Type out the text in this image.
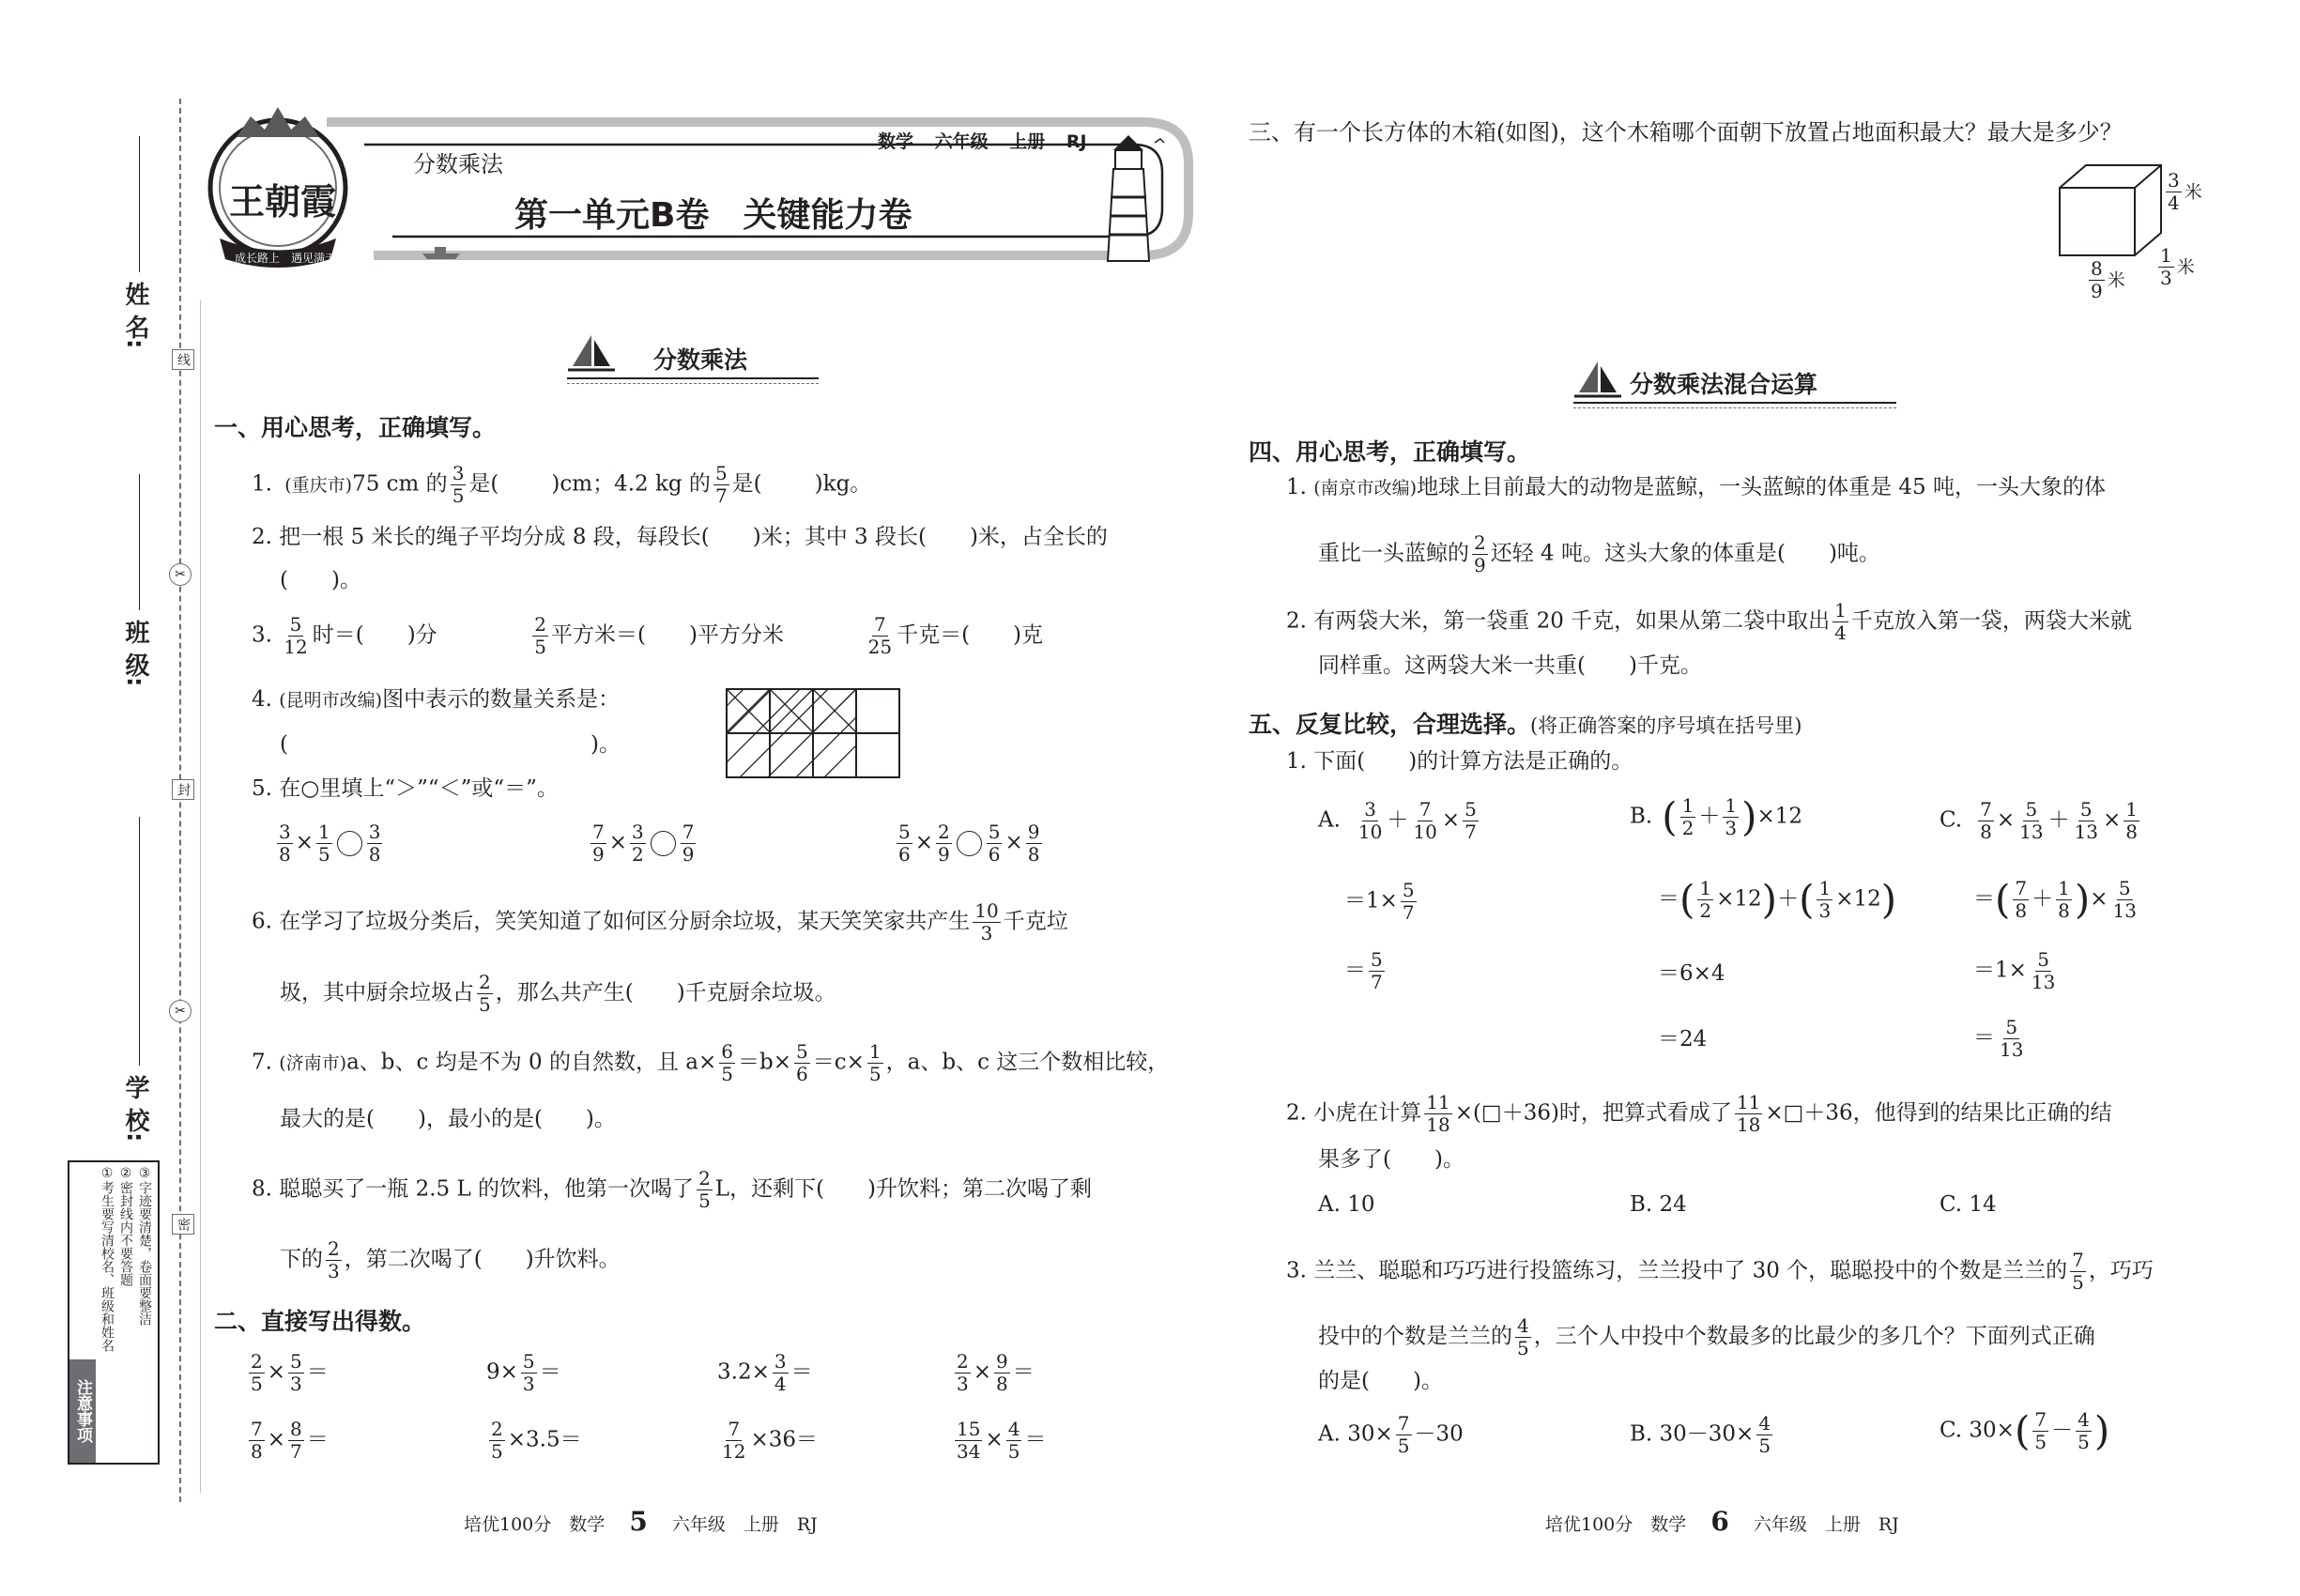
姓 名:
班 级:
学 校:
线
封
密
✂
✂
注意事项
①考生要写清校名、班级和姓名 ②密封线内不要答题 ③字迹要清楚，卷面要整洁
王朝霞
成长路上 遇见满天
分数乘法
数学 六年级 上册 RJ
第一单元B卷　关键能力卷
分数乘法
一、用心思考，正确填写。
1. (重庆市)75 cm 的 $\frac{3}{5}$ 是( )cm；4.2 kg 的 $\frac{5}{7}$ 是( )kg。
2. 把一根 5 米长的绳子平均分成 8 段，每段长(　　)米；其中 3 段长(　　)米，占全长的
(　　)。
3. $\frac{5}{12}$ 时＝(　　)分	$\frac{2}{5}$ 平方米＝(　　)平方分米	$\frac{7}{25}$ 千克＝(　　)克
4. (昆明市改编)图中表示的数量关系是：
(　　　　　　　　　　　　　　)。
5. 在○里填上“＞”“＜”或“＝”。
$\frac{3}{8} \times \frac{1}{5} \frac{3}{8}$	$\frac{7}{9} \times \frac{3}{2} \frac{7}{9}$	$\frac{5}{6} \times \frac{2}{9} \frac{5}{6} \times \frac{9}{8}$
6. 在学习了垃圾分类后，笑笑知道了如何区分厨余垃圾，某天笑笑家共产生 $\frac{10}{3}$ 千克垃
圾，其中厨余垃圾占 $\frac{2}{5}$ ，那么共产生(　　)千克厨余垃圾。
7. (济南市)a、b、c 均是不为 0 的自然数，且 $a\times \frac{6}{5} =b\times \frac{5}{6} =c\times \frac{1}{5}$ ，a、b、c 这三个数相比较，
最大的是(　　)，最小的是(　　)。
8. 聪聪买了一瓶 2.5 L 的饮料，他第一次喝了 $\frac{2}{5}$ L，还剩下(　　)升饮料；第二次喝了剩
下的 $\frac{2}{3}$ ，第二次喝了(　　)升饮料。
二、直接写出得数。
$\frac{2}{5} \times \frac{5}{3}$ ＝	$9\times \frac{5}{3}$ ＝	$3.2\times \frac{3}{4}$ ＝	$\frac{2}{3} \times \frac{9}{8}$ ＝
$\frac{7}{8} \times \frac{8}{7}$ ＝	$\frac{2}{5} \times 3.5=$	$\frac{7}{12} \times 36=$	$\frac{15}{34} \times \frac{4}{5}$ ＝
培优100分　数学 5 六年级　上册　RJ
三、有一个长方体的木箱(如图)，这个木箱哪个面朝下放置占地面积最大？最大是多少？
$\frac{3}{4}$ 米
$\frac{1}{3}$ 米
$\frac{8}{9}$ 米
分数乘法混合运算
四、用心思考，正确填写。
1. (南京市改编)地球上目前最大的动物是蓝鲸，一头蓝鲸的体重是 45 吨，一头大象的体
重比一头蓝鲸的 $\frac{2}{9}$ 还轻 4 吨。这头大象的体重是(　　)吨。
2. 有两袋大米，第一袋重 20 千克，如果从第二袋中取出 $\frac{1}{4}$ 千克放入第一袋，两袋大米就
同样重。这两袋大米一共重(　　)千克。
五、反复比较，合理选择。(将正确答案的序号填在括号里)
1. 下面(　　)的计算方法是正确的。
A. $\frac{3}{10} + \frac{7}{10} \times \frac{5}{7}$
$=1\times \frac{5}{7}$
＝ $\frac{5}{7}$
B. ( $\frac{1}{2} + \frac{1}{3} )\times 12$
＝( $\frac{1}{2} \times 12)+( \frac{1}{3} \times 12)$
＝6×4
＝24
C. $\frac{7}{8} \times \frac{5}{13} + \frac{5}{13} \times \frac{1}{8}$
＝( $\frac{7}{8} + \frac{1}{8}$ )× $\frac{5}{13}$
$=1\times \frac{5}{13}$
＝ $\frac{5}{13}$
2. 小虎在计算 $\frac{11}{18}$ ×(□＋36)时，把算式看成了 $\frac{11}{18}$ ×□＋36，他得到的结果比正确的结
果多了(　　)。
A. 10	B. 24	C. 14
3. 兰兰、聪聪和巧巧进行投篮练习，兰兰投中了 30 个，聪聪投中的个数是兰兰的 $\frac{7}{5}$ ，巧巧
投中的个数是兰兰的 $\frac{4}{5}$ ，三个人中投中个数最多的比最少的多几个？下面列式正确
的是(　　)。
A. $30\times \frac{7}{5} -30$	B. $30-30\times \frac{4}{5}$	C. $30\times( \frac{7}{5} - \frac{4}{5}$ )
培优100分　数学 6 六年级　上册　RJ
